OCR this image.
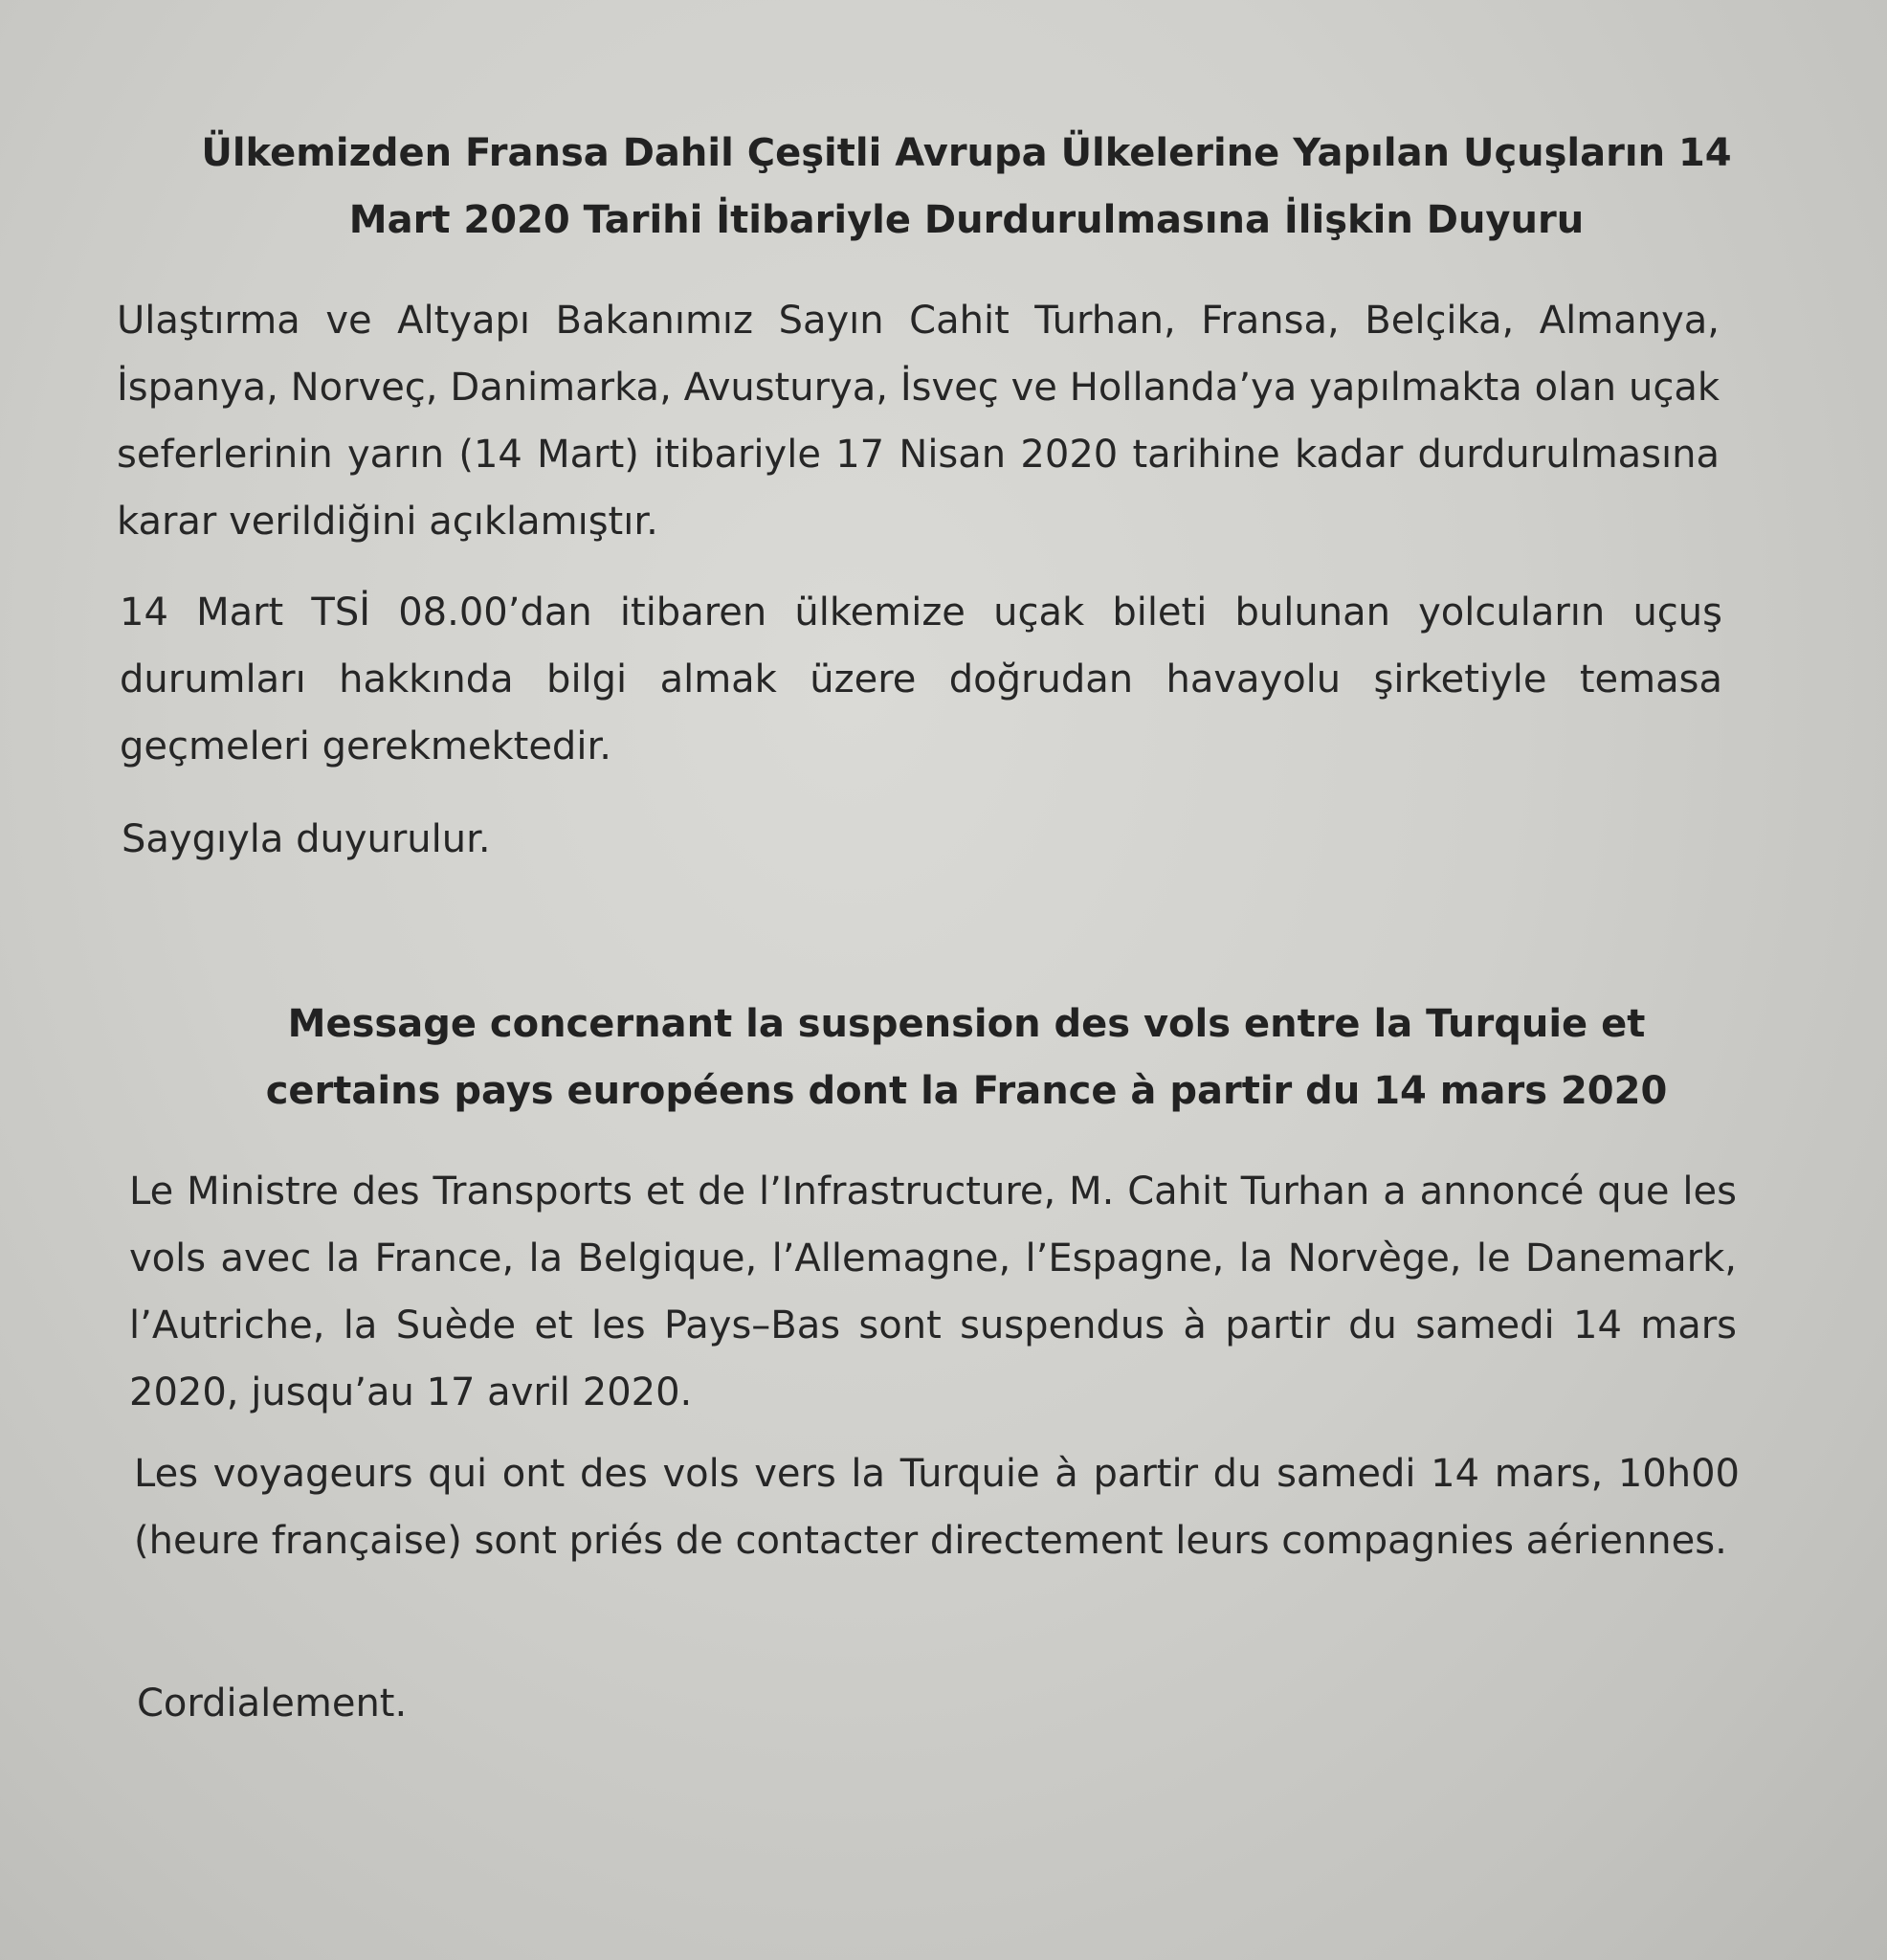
Ülkemizden Fransa Dahil Çeşitli Avrupa Ülkelerine Yapılan Uçuşların 14 Mart 2020 Tarihi İtibariyle Durdurulmasına İlişkin Duyuru
Ulaştırma ve Altyapı Bakanımız Sayın Cahit Turhan, Fransa, Belçika, Almanya, İspanya, Norveç, Danimarka, Avusturya, İsveç ve Hollanda’ya yapılmakta olan uçak seferlerinin yarın (14 Mart) itibariyle 17 Nisan 2020 tarihine kadar durdurulmasına karar verildiğini açıklamıştır.
14 Mart TSİ 08.00’dan itibaren ülkemize uçak bileti bulunan yolcuların uçuş durumları hakkında bilgi almak üzere doğrudan havayolu şirketiyle temasa geçmeleri gerekmektedir.
Saygıyla duyurulur.
Message concernant la suspension des vols entre la Turquie et certains pays européens dont la France à partir du 14 mars 2020
Le Ministre des Transports et de l’Infrastructure, M. Cahit Turhan a annoncé que les vols avec la France, la Belgique, l’Allemagne, l’Espagne, la Norvège, le Danemark, l’Autriche, la Suède et les Pays–Bas sont suspendus à partir du samedi 14 mars 2020, jusqu’au 17 avril 2020.
Les voyageurs qui ont des vols vers la Turquie à partir du samedi 14 mars, 10h00 (heure française) sont priés de contacter directement leurs compagnies aériennes.
Cordialement.
